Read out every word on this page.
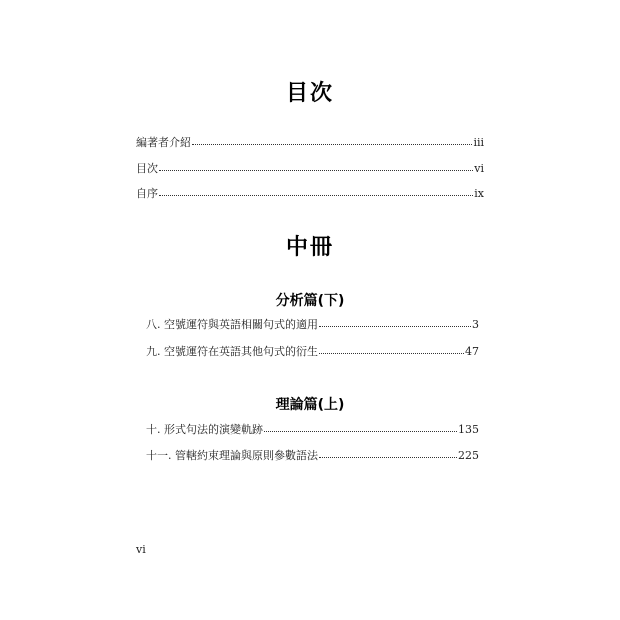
目次
編著者介紹	iii
目次	vi
自序	ix
中冊
分析篇(下)
八. 空號運符與英語相關句式的適用	3
九. 空號運符在英語其他句式的衍生	47
理論篇(上)
十. 形式句法的演變軌跡	135
十一. 管轄約束理論與原則參數語法	225
vi
